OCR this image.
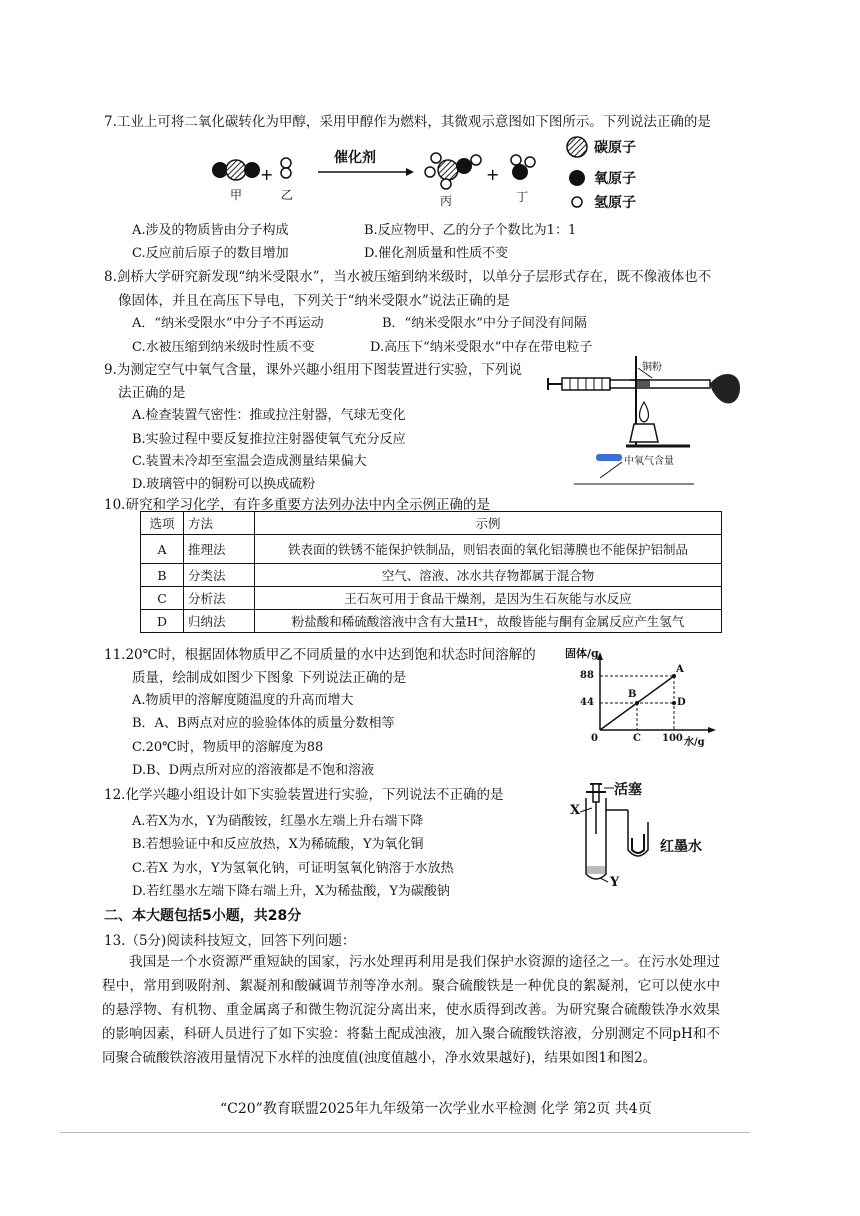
7.工业上可将二氧化碳转化为甲醇，采用甲醇作为燃料，其微观示意图如下图所示。下列说法正确的是
+	+
催化剂
甲	乙	丙	丁
碳原子
氧原子
氢原子
A.涉及的物质皆由分子构成	B.反应物甲、乙的分子个数比为1：1
C.反应前后原子的数目增加	D.催化剂质量和性质不变
8.剑桥大学研究新发现“纳米受限水”，当水被压缩到纳米级时，以单分子层形式存在，既不像液体也不
像固体，并且在高压下导电，下列关于“纳米受限水”说法正确的是
A．“纳米受限水”中分子不再运动	B．“纳米受限水”中分子间没有间隔
C.水被压缩到纳米级时性质不变	D.高压下“纳米受限水”中存在带电粒子
9.为测定空气中氧气含量，课外兴趣小组用下图装置进行实验，下列说
法正确的是
A.检查装置气密性：推或拉注射器，气球无变化
B.实验过程中要反复推拉注射器使氧气充分反应
C.装置未冷却至室温会造成测量结果偏大
D.玻璃管中的铜粉可以换成硫粉
铜粉
中氧气含量
10.研究和学习化学，有许多重要方法列办法中内全示例正确的是
选项	方法	示例
A	推理法	铁表面的铁锈不能保护铁制品，则铝表面的氧化铝薄膜也不能保护铝制品
B	分类法	空气、溶液、冰水共存物都属于混合物
C	分析法	王石灰可用于食品干燥剂，是因为生石灰能与水反应
D	归纳法	粉盐酸和稀硫酸溶液中含有大量H⁺，故酸皆能与酮有金属反应产生氢气
11.20℃时，根据固体物质甲乙不同质量的水中达到饱和状态时间溶解的
质量，绘制成如图少下图象 下列说法正确的是
A.物质甲的溶解度随温度的升高而增大
B．A、B两点对应的验验体体的质量分数相等
C.20℃时，物质甲的溶解度为88
D.B、D两点所对应的溶液都是不饱和溶液
固体/g
88
44
0	C 100 水/g
A
B
D
12.化学兴趣小组设计如下实验装置进行实验，下列说法不正确的是
A.若X为水，Y为硝酸铵，红墨水左端上升右端下降
B.若想验证中和反应放热，X为稀硫酸，Y为氧化铜
C.若X 为水，Y为氢氧化钠，可证明氢氧化钠溶于水放热
D.若红墨水左端下降右端上升，X为稀盐酸，Y为碳酸钠
活塞
X
红墨水
Y
二、本大题包括5小题，共28分
13.（5分)阅读科技短文，回答下列问题：
我国是一个水资源严重短缺的国家，污水处理再利用是我们保护水资源的途径之一。在污水处理过程中，常用到吸附剂、絮凝剂和酸碱调节剂等净水剂。聚合硫酸铁是一种优良的絮凝剂，它可以使水中的悬浮物、有机物、重金属离子和微生物沉淀分离出来，使水质得到改善。为研究聚合硫酸铁净水效果的影响因素，科研人员进行了如下实验：将黏土配成浊液，加入聚合硫酸铁溶液，分别测定不同pH和不同聚合硫酸铁溶液用量情况下水样的浊度值(浊度值越小，净水效果越好)，结果如图1和图2。
“C20”教育联盟2025年九年级第一次学业水平检测 化学 第2页 共4页
